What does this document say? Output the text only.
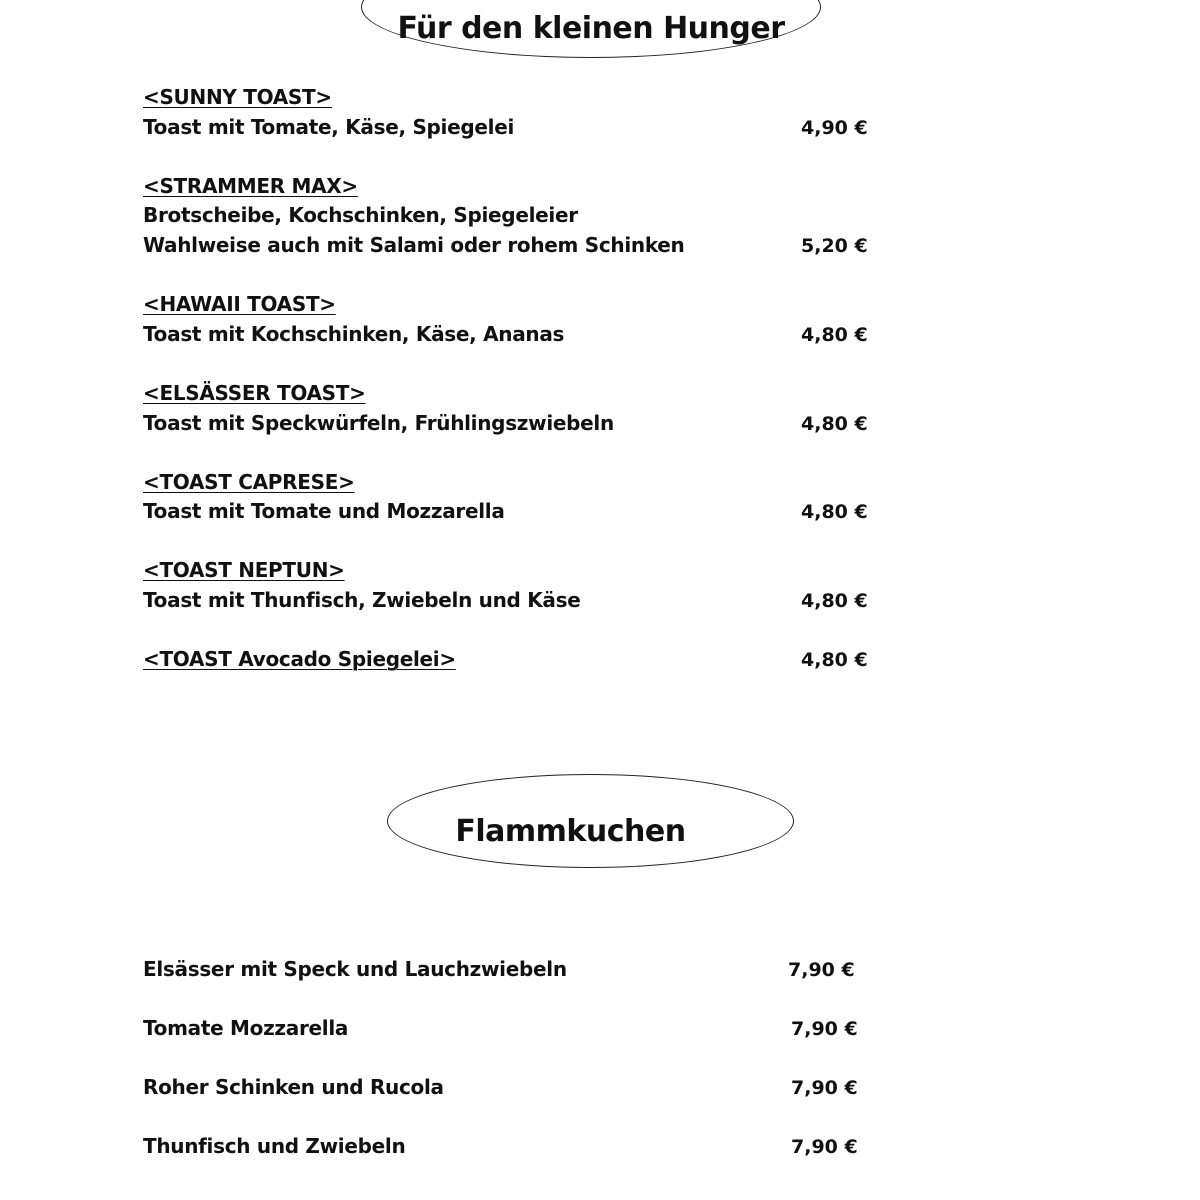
Für den kleinen Hunger
<SUNNY TOAST>
Toast mit Tomate, Käse, Spiegelei	4,90 €
<STRAMMER MAX>
Brotscheibe, Kochschinken, Spiegeleier
Wahlweise auch mit Salami oder rohem Schinken	5,20 €
<HAWAII TOAST>
Toast mit Kochschinken, Käse, Ananas	4,80 €
<ELSÄSSER TOAST>
Toast mit Speckwürfeln, Frühlingszwiebeln	4,80 €
<TOAST CAPRESE>
Toast mit Tomate und Mozzarella	4,80 €
<TOAST NEPTUN>
Toast mit Thunfisch, Zwiebeln und Käse	4,80 €
<TOAST Avocado Spiegelei>	4,80 €
Flammkuchen
Elsässer mit Speck und Lauchzwiebeln	7,90 €
Tomate Mozzarella	7,90 €
Roher Schinken und Rucola	7,90 €
Thunfisch und Zwiebeln	7,90 €
